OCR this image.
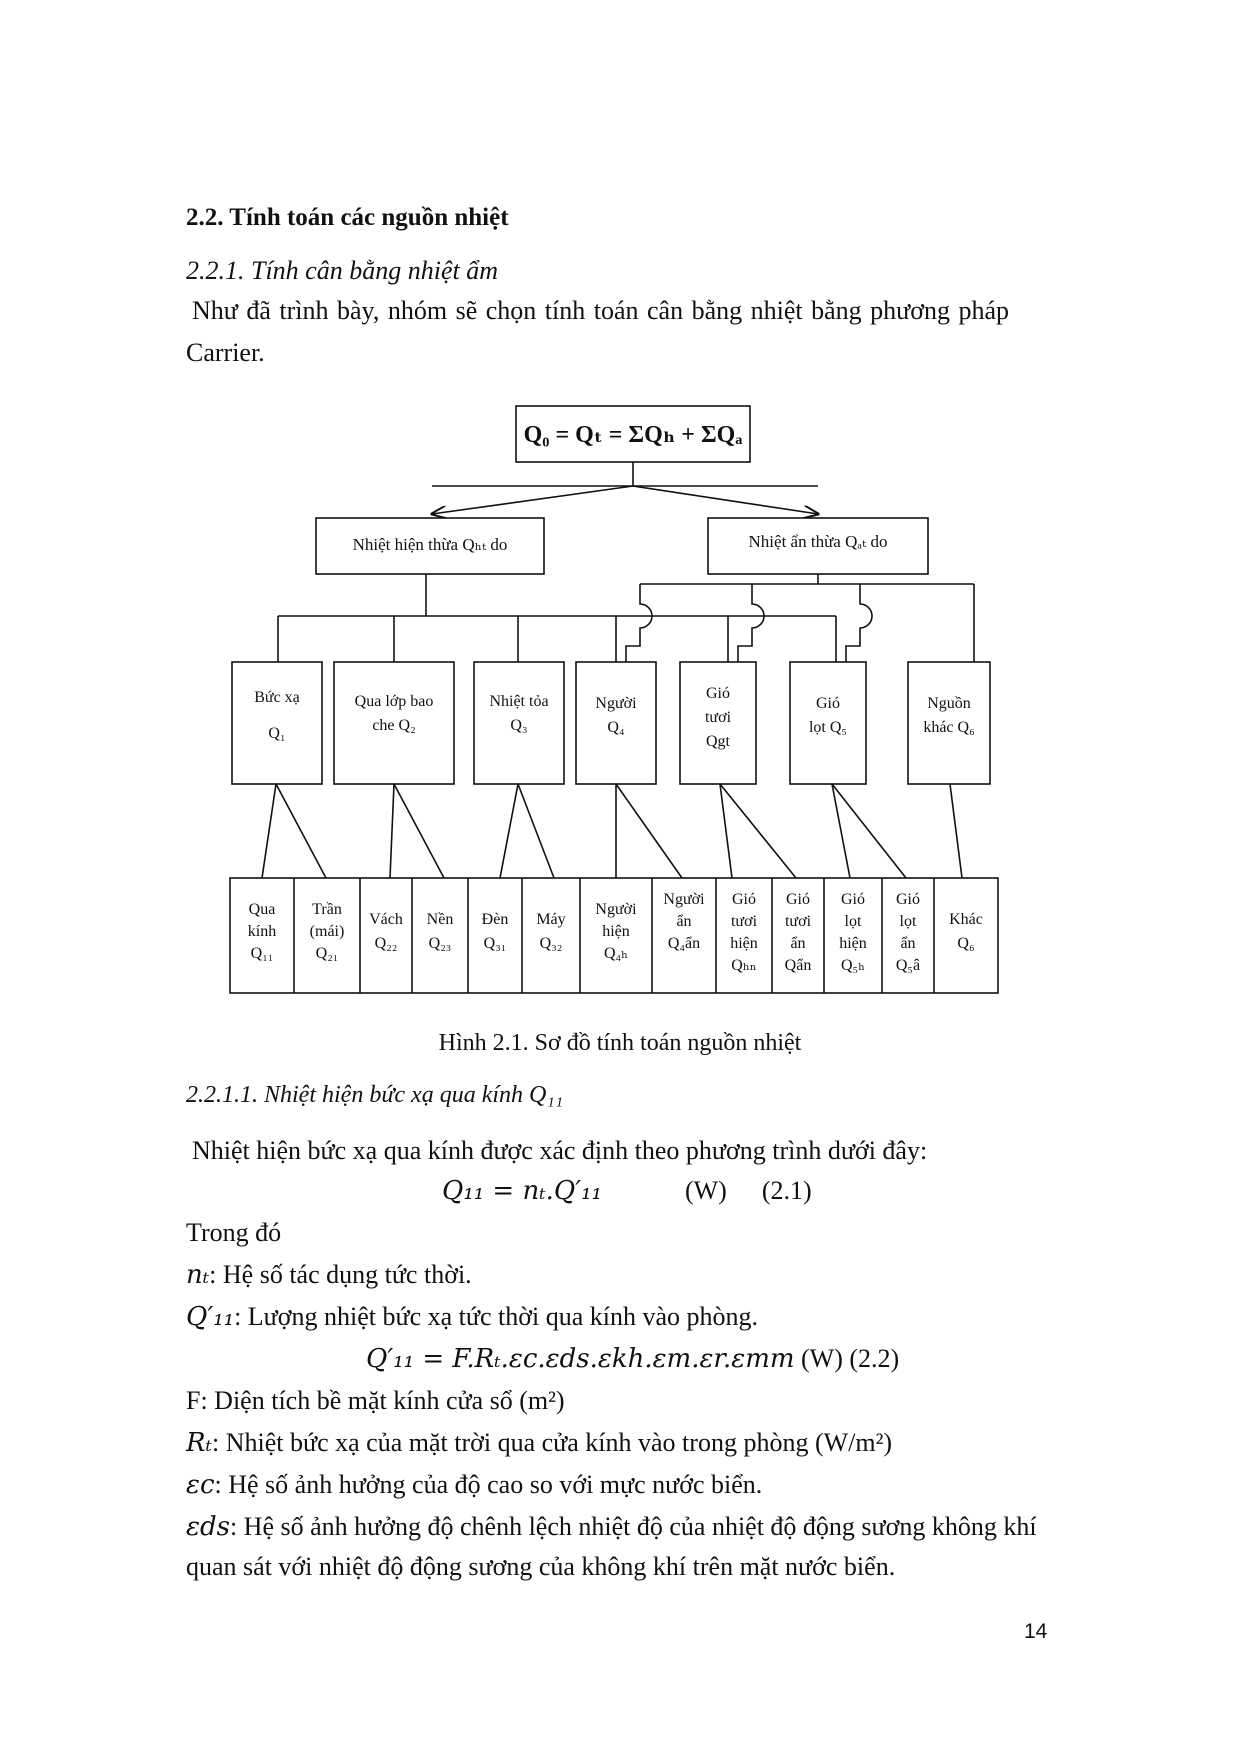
2.2. Tính toán các nguồn nhiệt
2.2.1. Tính cân bằng nhiệt ẩm
Như đã trình bày, nhóm sẽ chọn tính toán cân bằng nhiệt bằng phương pháp
Carrier.
Q₀ = Qₜ = ΣQₕ + ΣQₐ
Nhiệt hiện thừa Qₕₜ do	Nhiệt ẩn thừa Qₐₜ do
Bức xạ
Q₁
Qua lớp bao
che Q₂
Nhiệt tỏa
Q₃
Người
Q₄
Gió
tươi
Qgt
Gió
lọt Q₅
Nguồn
khác Q₆
Qua
kính
Q₁₁
Trần
(mái)
Q₂₁
Vách
Q₂₂
Nền
Q₂₃
Đèn
Q₃₁
Máy
Q₃₂
Người
hiện
Q₄ₕ
Người
ẩn
Q₄ẩn
Gió
tươi
hiện
Qₕₙ
Gió
tươi
ẩn
Qẩn
Gió
lọt
hiện
Q₅ₕ
Gió
lọt
ẩn
Q₅â
Khác
Q₆
Hình 2.1. Sơ đồ tính toán nguồn nhiệt
2.2.1.1. Nhiệt hiện bức xạ qua kính Q₁₁
Nhiệt hiện bức xạ qua kính được xác định theo phương trình dưới đây:
Q₁₁ = nₜ.Q′₁₁	(W) (2.1)
Trong đó
nₜ: Hệ số tác dụng tức thời.
Q′₁₁: Lượng nhiệt bức xạ tức thời qua kính vào phòng.
Q′₁₁ = F.Rₜ.εc.εds.εkh.εm.εr.εmm (W) (2.2)
F: Diện tích bề mặt kính cửa sổ (m²)
Rₜ: Nhiệt bức xạ của mặt trời qua cửa kính vào trong phòng (W/m²)
εc: Hệ số ảnh hưởng của độ cao so với mực nước biển.
εds: Hệ số ảnh hưởng độ chênh lệch nhiệt độ của nhiệt độ động sương không khí
quan sát với nhiệt độ động sương của không khí trên mặt nước biển.
14
